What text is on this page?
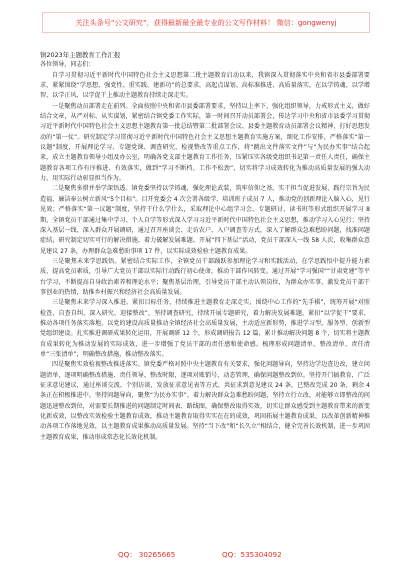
关注头条号“公文研究”，获得最新最全最专业的公文写作材料！ 微信：gongwenyj

镇2023年主题教育工作汇报

各位领导，同志们：

自学习贯彻习近平新时代中国特色社会主义思想第二批主题教育启动以来，我镇深入贯彻落实中央和省市县委部署要求，紧紧围绕“学思想、强党性、重实践、建新功”的总要求，高起点谋划、高标准推进、高质量落实，在以学铸魂、以学增智、以学正风、以学促干上推动主题教育持续走深走实。

一是聚焦动员部署走在前列。全面按照中央和省市县委部署要求，坚持以上率下，强化组织领导，力戒形式主义，做好结合文章，从严对标、从实谋划，紧密结合镇党委工作实际，第一时间召开动员部署会，传达学习中央和省市县委学习贯彻习近平新时代中国特色社会主义思想主题教育第一批总结暨第二批部署会议、县委主题教育动员部署会议精神，打好思想发动的“第一仗”。研究制定学习贯彻习近平新时代中国特色社会主义思想主题教育实施方案，细化工作安排，严格落实“第一议题”制度，开展理论学习、专题党课、调查研究、检视整改等重点工作，将“跳出文件落实文件”与“为民办实事”结合起来，成立主题教育领导小组及办公室，明确各党支部主题教育工作任务，压紧压实各级党组织书记第一责任人责任，确保主题教育各项工作有序推进、有效落实，做到“学习不断档、工作不松劲”，切实将学习成效转化为推动高质量发展的强大动力，用实际行动彰显担当作为。

二是聚焦多措并举学深悟透。镇党委坚持以学铸魂，强化理论武装，筑牢信仰之基。实干担当促进发展，践行宗旨为民造福，廉洁奉公树立新风“5个目标”。目开党委会 4 次会署各级学，培训班子成员 7 人，推动党的创新理论入脑入心，见行见效；严格落实“第一议题”制度，坚持干什么学什么，采取理论中心组学习会、专题研讨、读书班等形式组织开展学习 8 期，全镇党员干部通过集中学习、个人自学等形式深入学习习近平新时代中国特色社会主义思想，推动学习入心见行；坚持深入基层一线、深入群众开展调研，通过召开座谈会、走访农户、入户调查等方式，深入了解群众急难愁盼问题，找准问题症结，研究制定切实可行的解决措施，着力破解发展难题。开展“四下基层”活动，党员干部深入一线 58 人次，收集群众意见建议 27 条，办理群众急难愁盼事项 17 件，以实际成效检验主题教育成果。

三是聚焦未来学思践悟。紧密结合实际工作，全镇党员干部踊跃参加理论学习和实践活动，在学思践悟中提升能力素质，提高党员素质，引导广大党员干部以实际行动践行初心使命，推动干部作风转变。通过开展“学习强国”“甘肃党建”等平台学习，不断提高自身政治素养和理论水平；聚焦基层治理，引导党员干部主动认领岗位，为群众办实事，激发党员干部干事创业的热情，助推乡村振兴和经济社会高质量发展。

三是聚焦未来学习深入推进。紧扣目标任务，持续推进主题教育走深走实，围绕中心工作的“先手棋”，统筹开展“对照检查、自查自纠、深入研究、迎接整改”，坚持调查研究，持续开展专题研究，着力解决发展难题，紧扣“以学促干”要求，推动各项任务落实落地，以党的建设高质量推动全镇经济社会高质量发展，主动适应新形势，推进学习型、服务型、创新型党组织建设。扎实推进调研成果转化运用，开展调研 12 个，形成调研报告 12 篇，累计推动解决问题 8 个，切实将主题教育成果转化为推动发展的实际成效，进一步增强了党员干部的责任感和使命感。梳理形成问题清单、整改清单、责任清单“三张清单”，明确整改措施，推动整改落实。

四是聚焦实效检视整改推进落实。镇党委严格对照中央主题教育有关要求，强化问题导向，坚持边学边查边改，建立问题清单，逐项明确整改措施、责任领导、整改时限，逐项对账销号、动态管理，确保问题整改到位。坚持开门搞教育，广泛征求意见建议，通过座谈交流、个别访谈、发放征求意见表等方式，共征求到意见建议 24 条，已整改完成 20 条，剩余 4 条正在积极推进中。坚持问题导向，聚焦“为民办实事”，着力解决群众急难愁盼问题，坚持立行立改，对能够立即整改的问题迅速整改到位，对需要长期推进的问题制定时间表、路线图，确保整改取得实效，切实让群众感受到主题教育带来的新变化新成效，以整改实效检验主题教育成效，推动主题教育取得实实在在的成效，巩固拓展主题教育成果，以改革创新精神推动各项工作落地见效，以主题教育成果推动高质量发展。坚持“当下改”和“长久立”相结合，健全完善长效机制，进一步巩固主题教育成果，推动形成常态化长效化机制。

QQ： 30265665	QQ：535304092
